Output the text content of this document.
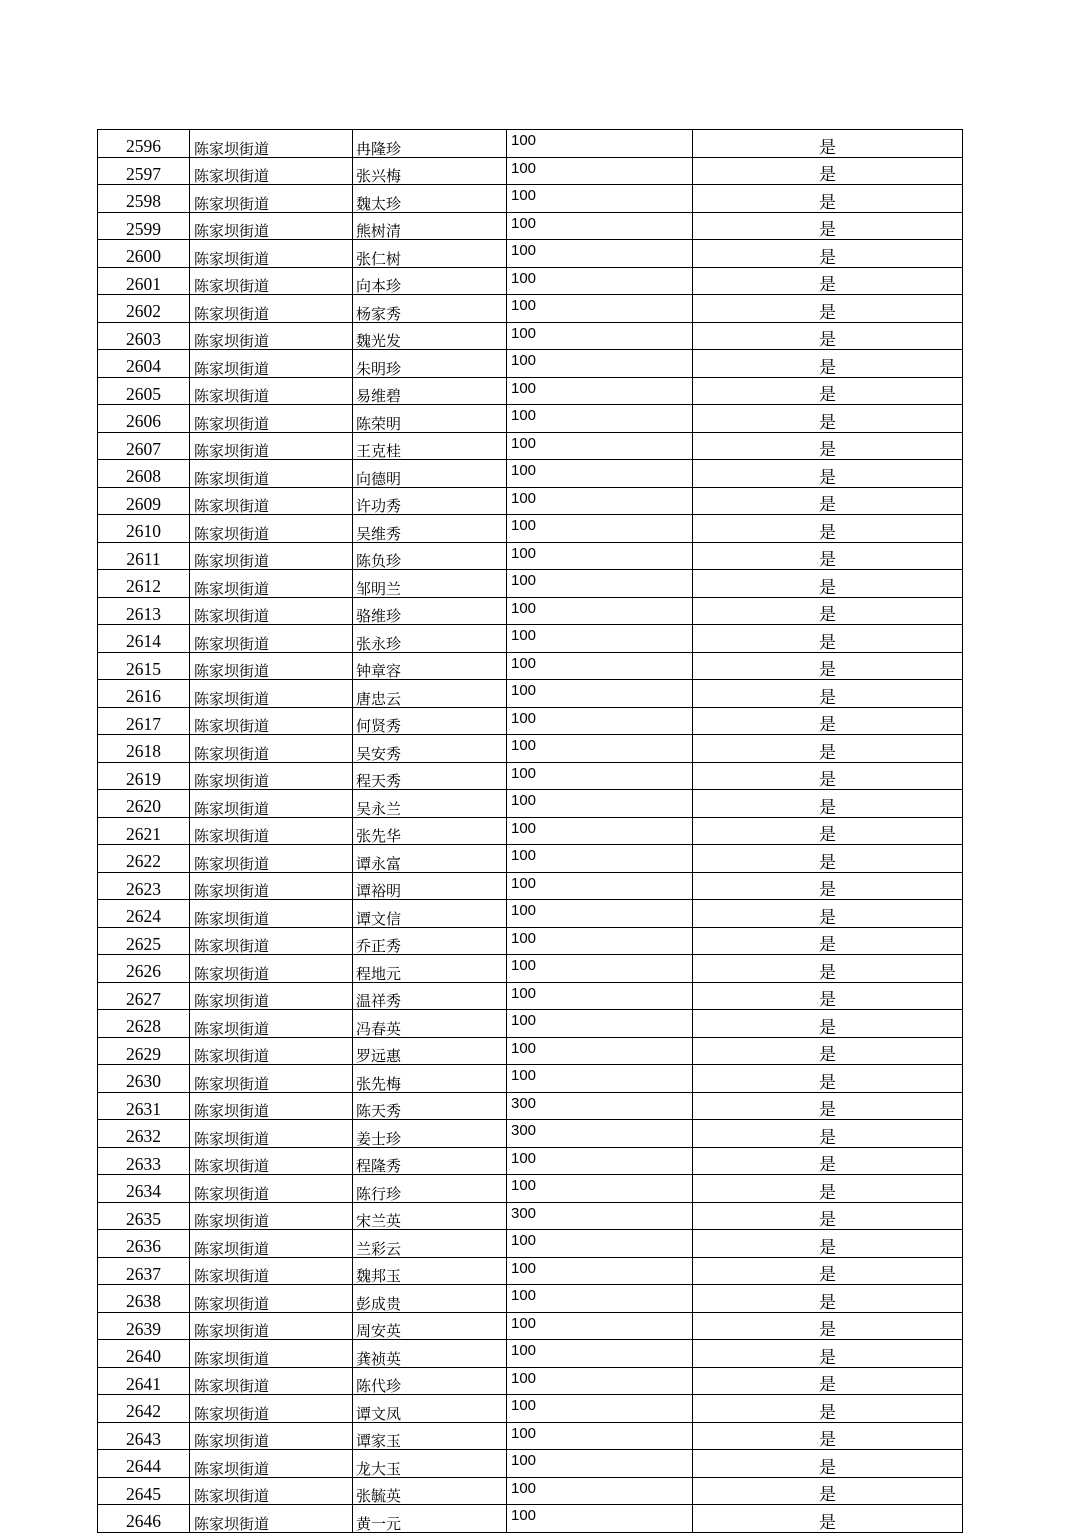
2596	陈家坝街道	冉隆珍	100	是
2597	陈家坝街道	张兴梅	100	是
2598	陈家坝街道	魏太珍	100	是
2599	陈家坝街道	熊树清	100	是
2600	陈家坝街道	张仁树	100	是
2601	陈家坝街道	向本珍	100	是
2602	陈家坝街道	杨家秀	100	是
2603	陈家坝街道	魏光发	100	是
2604	陈家坝街道	朱明珍	100	是
2605	陈家坝街道	易维碧	100	是
2606	陈家坝街道	陈荣明	100	是
2607	陈家坝街道	王克桂	100	是
2608	陈家坝街道	向德明	100	是
2609	陈家坝街道	许功秀	100	是
2610	陈家坝街道	吴维秀	100	是
2611	陈家坝街道	陈负珍	100	是
2612	陈家坝街道	邹明兰	100	是
2613	陈家坝街道	骆维珍	100	是
2614	陈家坝街道	张永珍	100	是
2615	陈家坝街道	钟章容	100	是
2616	陈家坝街道	唐忠云	100	是
2617	陈家坝街道	何贤秀	100	是
2618	陈家坝街道	吴安秀	100	是
2619	陈家坝街道	程天秀	100	是
2620	陈家坝街道	吴永兰	100	是
2621	陈家坝街道	张先华	100	是
2622	陈家坝街道	谭永富	100	是
2623	陈家坝街道	谭裕明	100	是
2624	陈家坝街道	谭文信	100	是
2625	陈家坝街道	乔正秀	100	是
2626	陈家坝街道	程地元	100	是
2627	陈家坝街道	温祥秀	100	是
2628	陈家坝街道	冯春英	100	是
2629	陈家坝街道	罗远惠	100	是
2630	陈家坝街道	张先梅	100	是
2631	陈家坝街道	陈天秀	300	是
2632	陈家坝街道	姜士珍	300	是
2633	陈家坝街道	程隆秀	100	是
2634	陈家坝街道	陈行珍	100	是
2635	陈家坝街道	宋兰英	300	是
2636	陈家坝街道	兰彩云	100	是
2637	陈家坝街道	魏邦玉	100	是
2638	陈家坝街道	彭成贵	100	是
2639	陈家坝街道	周安英	100	是
2640	陈家坝街道	龚祯英	100	是
2641	陈家坝街道	陈代珍	100	是
2642	陈家坝街道	谭文凤	100	是
2643	陈家坝街道	谭家玉	100	是
2644	陈家坝街道	龙大玉	100	是
2645	陈家坝街道	张毓英	100	是
2646	陈家坝街道	黄一元	100	是
